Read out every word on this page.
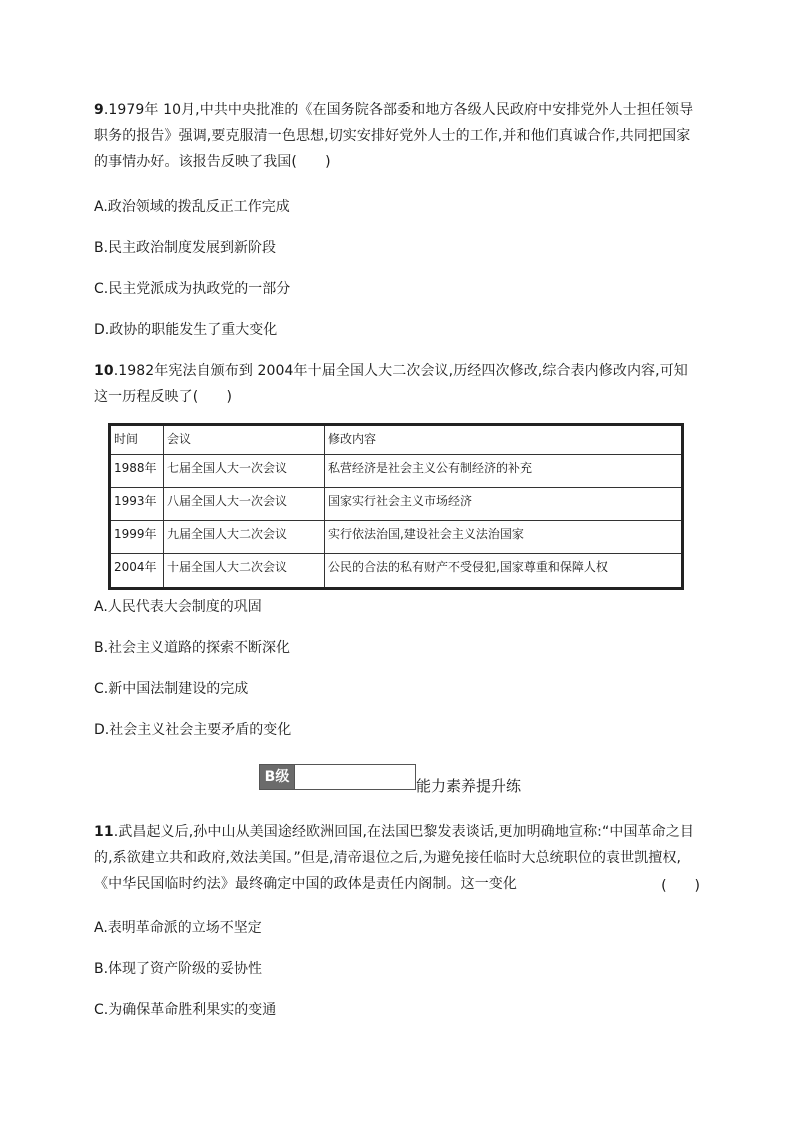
9.1979年 10月,中共中央批准的《在国务院各部委和地方各级人民政府中安排党外人士担任领导职务的报告》强调,要克服清一色思想,切实安排好党外人士的工作,并和他们真诚合作,共同把国家的事情办好。该报告反映了我国(　　)
A.政治领域的拨乱反正工作完成
B.民主政治制度发展到新阶段
C.民主党派成为执政党的一部分
D.政协的职能发生了重大变化
10.1982年宪法自颁布到 2004年十届全国人大二次会议,历经四次修改,综合表内修改内容,可知这一历程反映了(　　)
时间	会议	修改内容
1988年	七届全国人大一次会议	私营经济是社会主义公有制经济的补充
1993年	八届全国人大一次会议	国家实行社会主义市场经济
1999年	九届全国人大二次会议	实行依法治国,建设社会主义法治国家
2004年	十届全国人大二次会议	公民的合法的私有财产不受侵犯,国家尊重和保障人权
A.人民代表大会制度的巩固
B.社会主义道路的探索不断深化
C.新中国法制建设的完成
D.社会主义社会主要矛盾的变化
B级	能力素养提升练
11.武昌起义后,孙中山从美国途经欧洲回国,在法国巴黎发表谈话,更加明确地宣称:“中国革命之目的,系欲建立共和政府,效法美国。”但是,清帝退位之后,为避免接任临时大总统职位的袁世凯擅权,《中华民国临时约法》最终确定中国的政体是责任内阁制。这一变化	(　　)
A.表明革命派的立场不坚定
B.体现了资产阶级的妥协性
C.为确保革命胜利果实的变通
